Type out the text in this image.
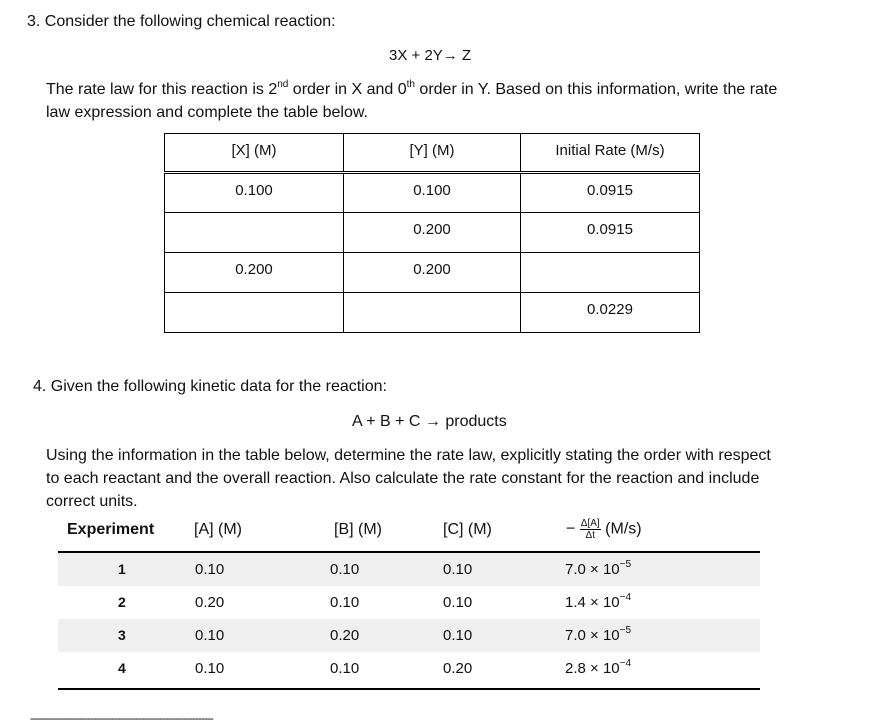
3. Consider the following chemical reaction:
3X + 2Y→ Z
The rate law for this reaction is 2nd order in X and 0th order in Y. Based on this information, write the rate
law expression and complete the table below.
[X] (M)	[Y] (M)	Initial Rate (M/s)
0.100	0.100	0.0915
	0.200	0.0915
0.200	0.200	
		0.0229
4. Given the following kinetic data for the reaction:
A + B + C → products
Using the information in the table below, determine the rate law, explicitly stating the order with respect
to each reactant and the overall reaction. Also calculate the rate constant for the reaction and include
correct units.
Experiment [A] (M)	[B] (M)	[C] (M)	− $\frac{\Delta[A]}{\Delta t} (M/s)$
1	0.10	0.10	0.10	$7.0 \times 10^{-5}$
2	0.20	0.10	0.10	$1.4 \times 10^{-4}$
3	0.10	0.20	0.10	$7.0 \times 10^{-5}$
4	0.10	0.10	0.20	$2.8 \times 10^{-4}$
-------------------------------------------------------------
